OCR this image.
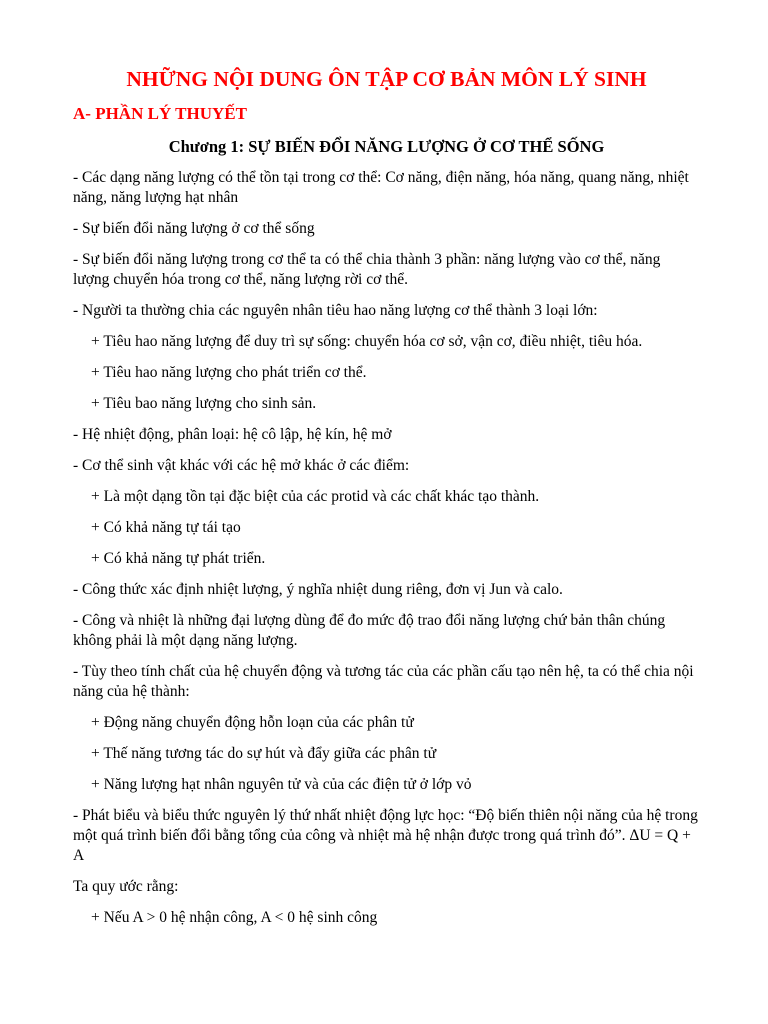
NHỮNG NỘI DUNG ÔN TẬP CƠ BẢN MÔN LÝ SINH
A- PHẦN LÝ THUYẾT
Chương 1: SỰ BIẾN ĐỔI NĂNG LƯỢNG Ở CƠ THỂ SỐNG

- Các dạng năng lượng có thể tồn tại trong cơ thể: Cơ năng, điện năng, hóa năng, quang năng, nhiệt năng, năng lượng hạt nhân

- Sự biến đổi năng lượng ở cơ thể sống

- Sự biến đổi năng lượng trong cơ thể ta có thể chia thành 3 phần: năng lượng vào cơ thể, năng lượng chuyển hóa trong cơ thể, năng lượng rời cơ thể.

- Người ta thường chia các nguyên nhân tiêu hao năng lượng cơ thể thành 3 loại lớn:

+ Tiêu hao năng lượng để duy trì sự sống: chuyển hóa cơ sở, vận cơ, điều nhiệt, tiêu hóa.

+ Tiêu hao năng lượng cho phát triển cơ thể.

+ Tiêu bao năng lượng cho sinh sản.

- Hệ nhiệt động, phân loại: hệ cô lập, hệ kín, hệ mở

- Cơ thể sinh vật khác với các hệ mở khác ở các điểm:

+ Là một dạng tồn tại đặc biệt của các protid và các chất khác tạo thành.

+ Có khả năng tự tái tạo

+ Có khả năng tự phát triển.

- Công thức xác định nhiệt lượng, ý nghĩa nhiệt dung riêng, đơn vị Jun và calo.

- Công và nhiệt là những đại lượng dùng để đo mức độ trao đổi năng lượng chứ bản thân chúng không phải là một dạng năng lượng.

- Tùy theo tính chất của hệ chuyển động và tương tác của các phần cấu tạo nên hệ, ta có thể chia nội năng của hệ thành:

+ Động năng chuyển động hỗn loạn của các phân tử

+ Thế năng tương tác do sự hút và đẩy giữa các phân tử

+ Năng lượng hạt nhân nguyên tử và của các điện tử ở lớp vỏ

- Phát biểu và biểu thức nguyên lý thứ nhất nhiệt động lực học: “Độ biến thiên nội năng của hệ trong một quá trình biến đổi bằng tổng của công và nhiệt mà hệ nhận được trong quá trình đó”. ΔU = Q + A

Ta quy ước rằng:

+ Nếu A > 0 hệ nhận công, A < 0 hệ sinh công
